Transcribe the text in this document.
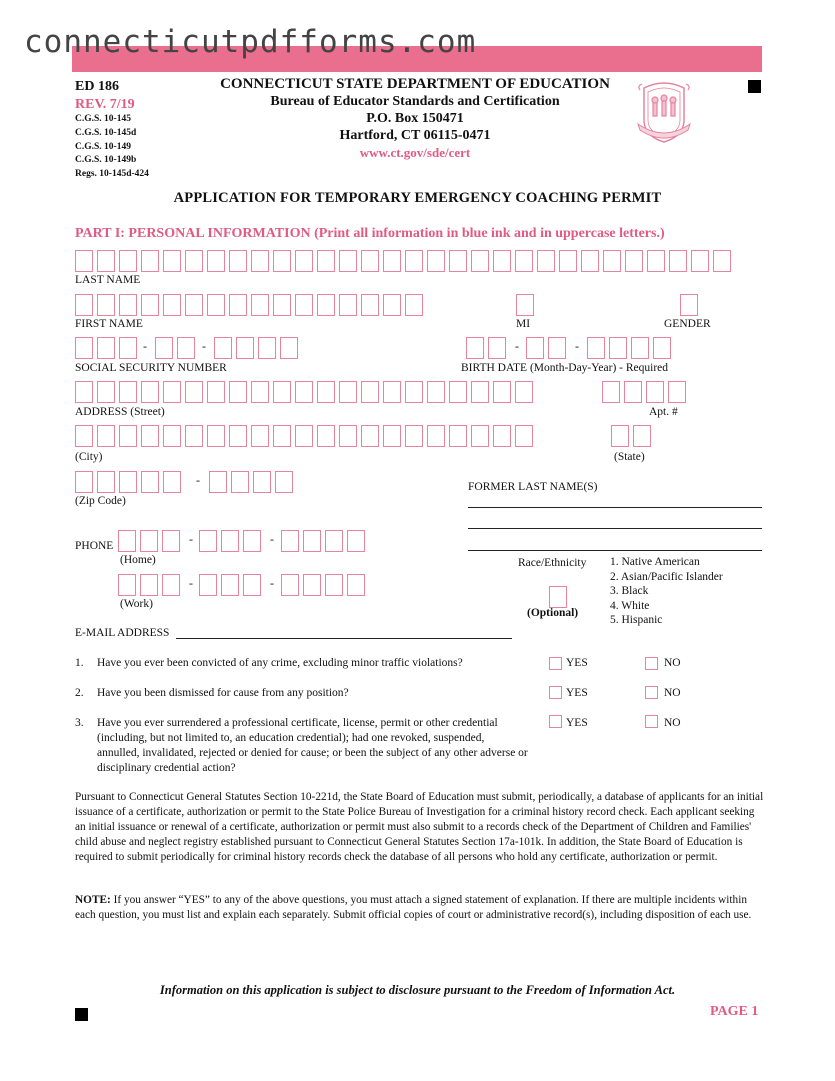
connecticutpdfforms.com
ED 186
REV. 7/19
C.G.S. 10-145
C.G.S. 10-145d
C.G.S. 10-149
C.G.S. 10-149b
Regs. 10-145d-424
CONNECTICUT STATE DEPARTMENT OF EDUCATION
Bureau of Educator Standards and Certification
P.O. Box 150471
Hartford, CT 06115-0471
www.ct.gov/sde/cert
APPLICATION FOR TEMPORARY EMERGENCY COACHING PERMIT
PART I: PERSONAL INFORMATION (Print all information in blue ink and in uppercase letters.)
LAST NAME
FIRST NAME	MI	GENDER
-	-
SOCIAL SECURITY NUMBER
-	-
BIRTH DATE (Month-Day-Year) - Required
ADDRESS (Street)	Apt. #
(City)	(State)
-
(Zip Code)
FORMER LAST NAME(S)
PHONE	-	-
(Home)
-	-
(Work)
E-MAIL ADDRESS
Race/Ethnicity
(Optional)
1. Native American
2. Asian/Pacific Islander
3. Black
4. White
5. Hispanic
1. Have you ever been convicted of any crime, excluding minor traffic violations?	YES	NO
2. Have you been dismissed for cause from any position?	YES	NO
3. Have you ever surrendered a professional certificate, license, permit or other credential (including, but not limited to, an education credential); had one revoked, suspended, annulled, invalidated, rejected or denied for cause; or been the subject of any other adverse or disciplinary credential action?
YES	NO
Pursuant to Connecticut General Statutes Section 10-221d, the State Board of Education must submit, periodically, a database of applicants for an initial issuance of a certificate, authorization or permit to the State Police Bureau of Investigation for a criminal history record check. Each applicant seeking an initial issuance or renewal of a certificate, authorization or permit must also submit to a records check of the Department of Children and Families' child abuse and neglect registry established pursuant to Connecticut General Statutes Section 17a-101k. In addition, the State Board of Education is required to submit periodically for criminal history records check the database of all persons who hold any certificate, authorization or permit.
NOTE: If you answer “YES” to any of the above questions, you must attach a signed statement of explanation. If there are multiple incidents within each question, you must list and explain each separately. Submit official copies of court or administrative record(s), including disposition of each use.
Information on this application is subject to disclosure pursuant to the Freedom of Information Act.
PAGE 1
